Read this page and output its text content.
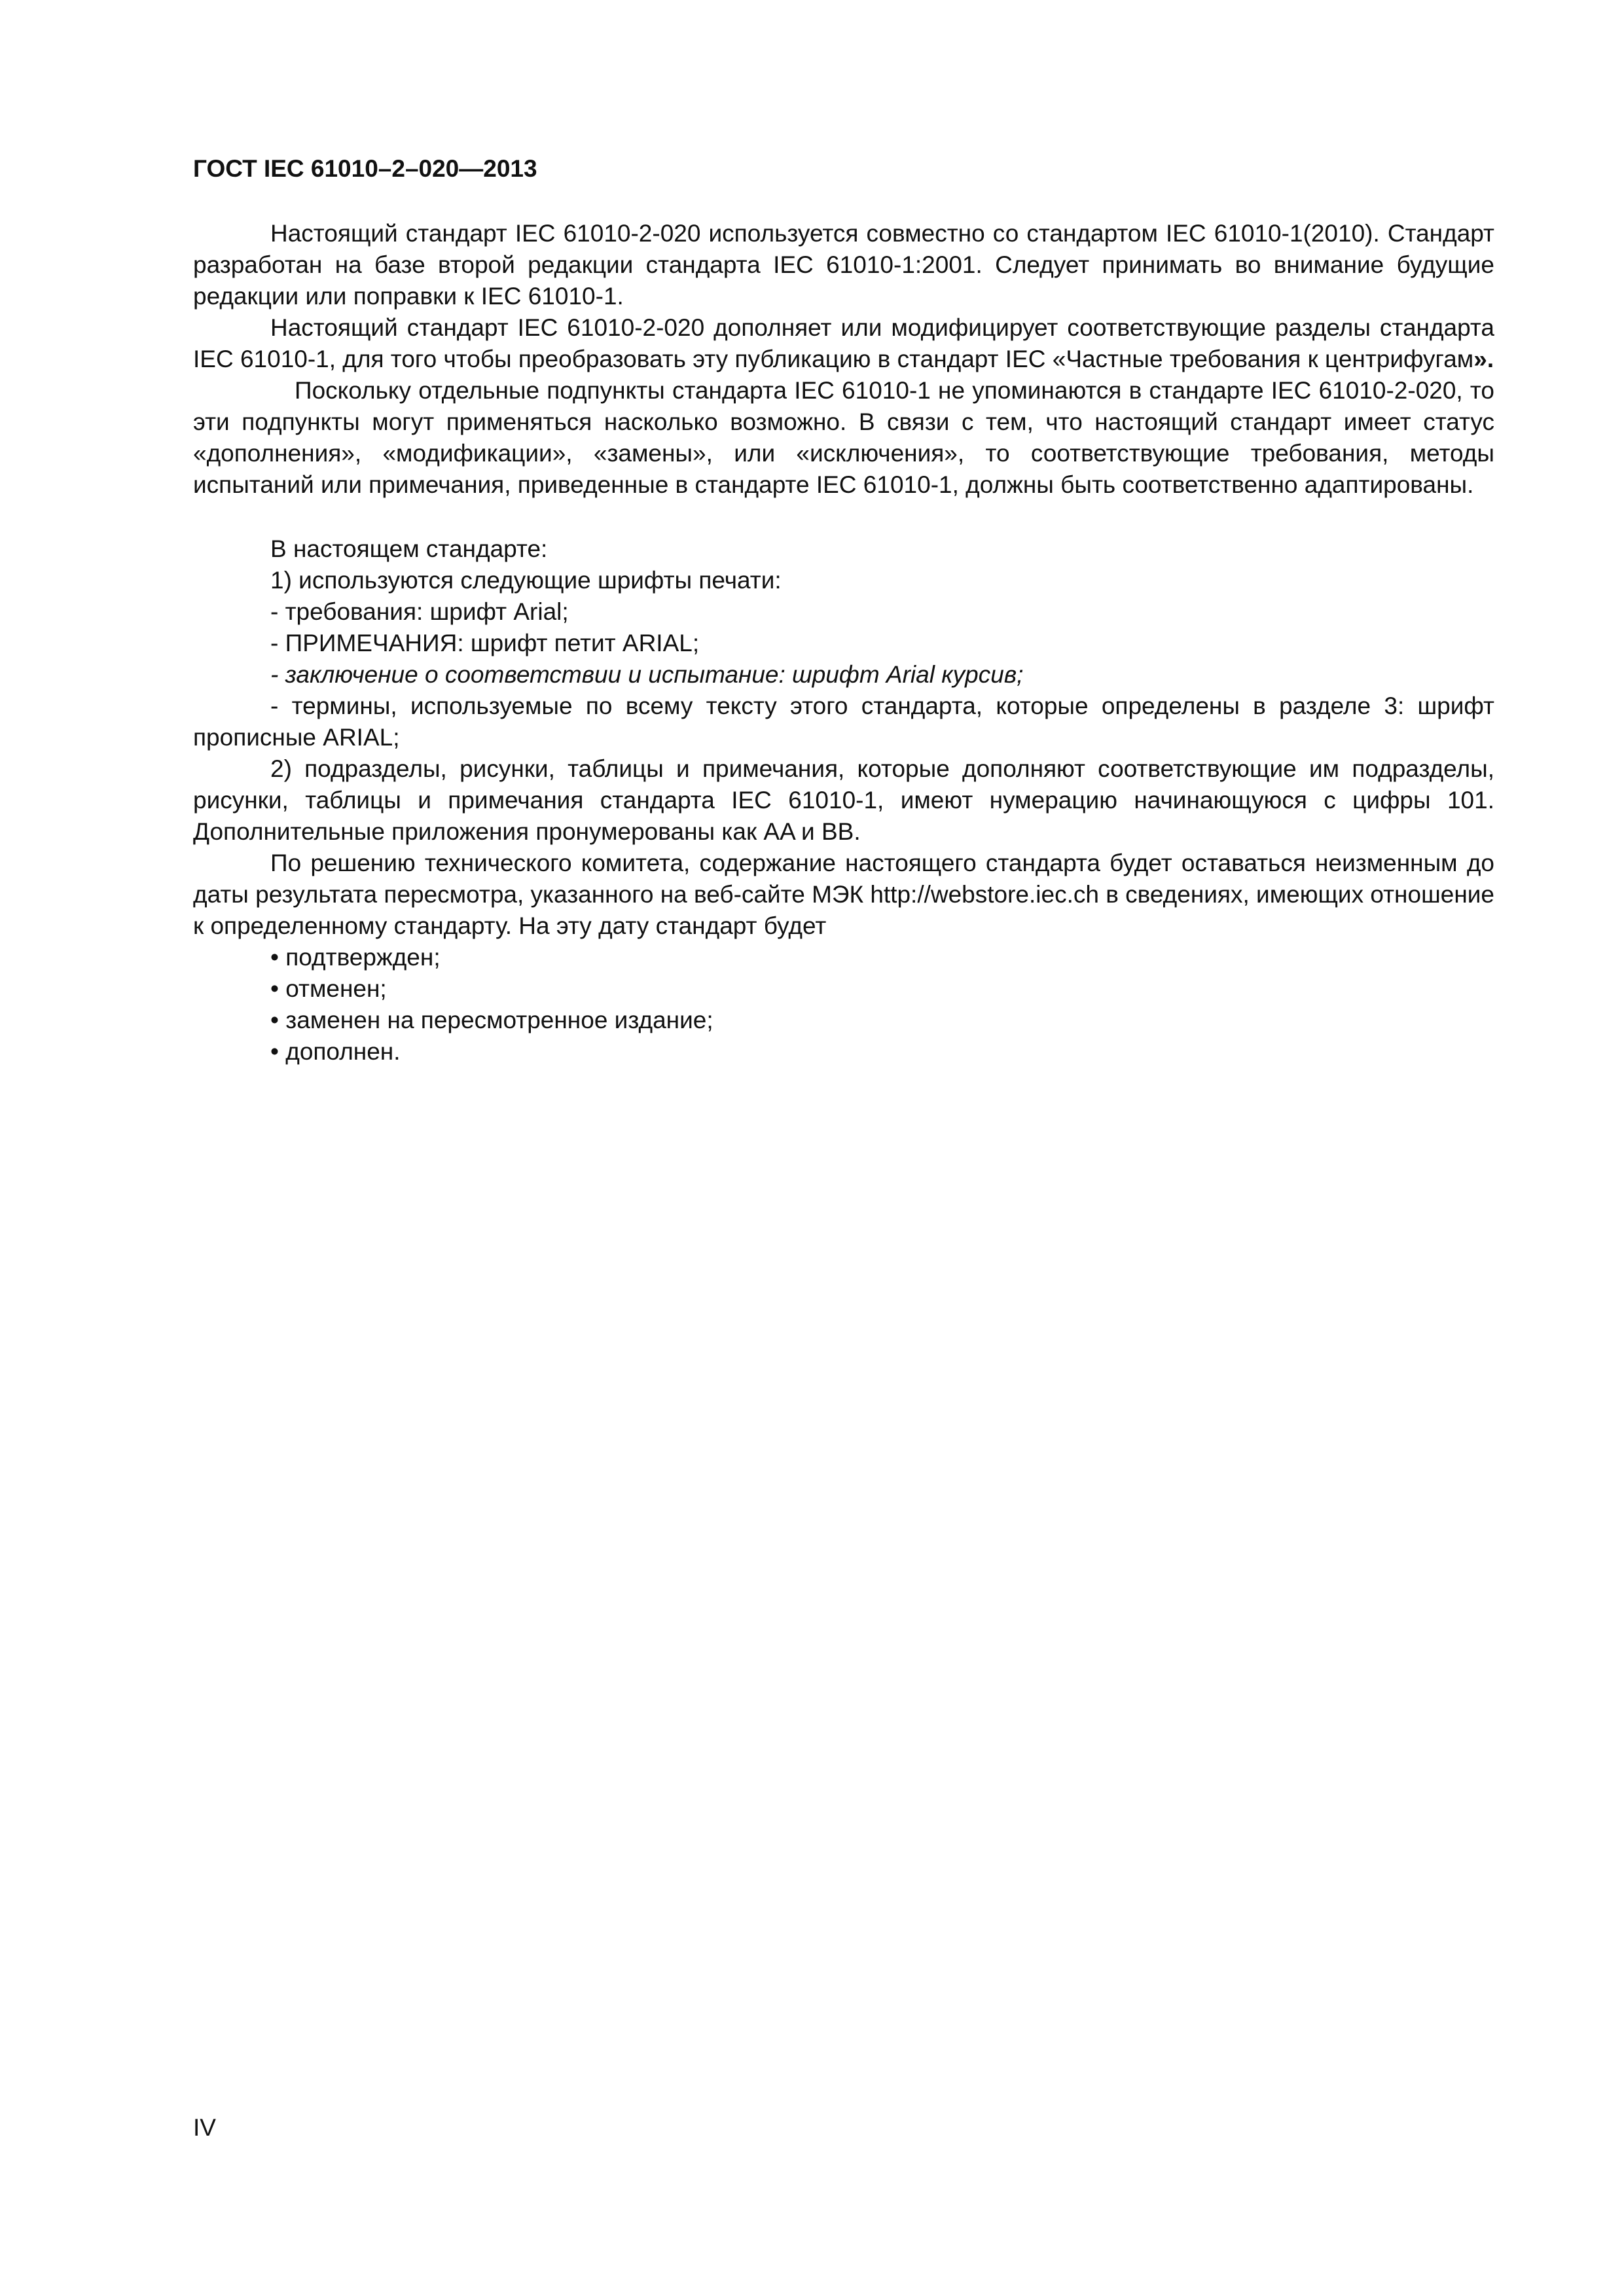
ГОСТ IEC 61010–2–020—2013

Настоящий стандарт IEC 61010-2-020 используется совместно со стандартом IEC 61010-1(2010). Стандарт разработан на базе второй редакции стандарта IEC 61010-1:2001. Следует принимать во внимание будущие редакции или поправки к IEC 61010-1.

Настоящий стандарт IEC 61010-2-020 дополняет или модифицирует соответствующие разделы стандарта IEC 61010-1, для того чтобы преобразовать эту публикацию в стандарт IEC «Частные требования к центрифугам».

Поскольку отдельные подпункты стандарта IEC 61010-1 не упоминаются в стандарте IEC 61010-2-020, то эти подпункты могут применяться насколько возможно. В связи с тем, что настоящий стандарт имеет статус «дополнения», «модификации», «замены», или «исключения», то соответствующие требования, методы испытаний или примечания, приведенные в стандарте IEC 61010-1, должны быть соответственно адаптированы.

В настоящем стандарте:

1) используются следующие шрифты печати:

- требования: шрифт Arial;

- ПРИМЕЧАНИЯ: шрифт петит ARIAL;

- заключение о соответствии и испытание: шрифт Arial курсив;

- термины, используемые по всему тексту этого стандарта, которые определены в разделе 3: шрифт прописные ARIAL;

2) подразделы, рисунки, таблицы и примечания, которые дополняют соответствующие им подразделы, рисунки, таблицы и примечания стандарта IEC 61010-1, имеют нумерацию начинающуюся с цифры 101. Дополнительные приложения пронумерованы как AA и BB.

По решению технического комитета, содержание настоящего стандарта будет оставаться неизменным до даты результата пересмотра, указанного на веб-сайте МЭК http://webstore.iec.ch в сведениях, имеющих отношение к определенному стандарту. На эту дату стандарт будет

• подтвержден;

• отменен;

• заменен на пересмотренное издание;

• дополнен.

IV
